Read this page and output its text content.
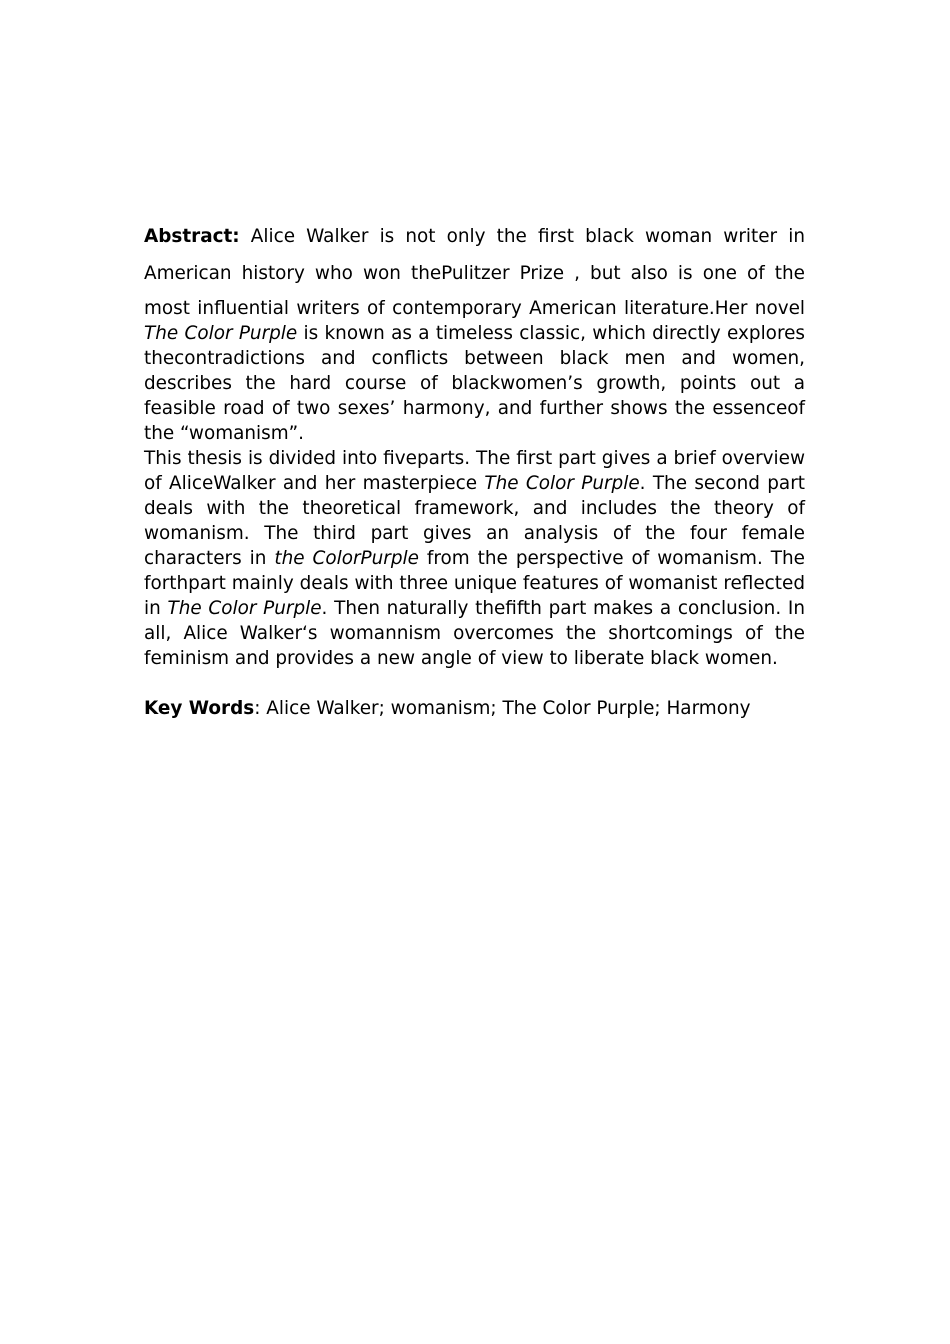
Abstract: Alice Walker is not only the first black woman writer in
American history who won thePulitzer Prize , but also is one of the

most influential writers of contemporary American literature.Her novel The Color Purple is known as a timeless classic, which directly explores thecontradictions and conflicts between black men and women, describes the hard course of blackwomen’s growth, points out a feasible road of two sexes’ harmony, and further shows the essenceof the “womanism”.

This thesis is divided into fiveparts. The first part gives a brief overview of AliceWalker and her masterpiece The Color Purple. The second part deals with the theoretical framework, and includes the theory of womanism. The third part gives an analysis of the four female characters in the ColorPurple from the perspective of womanism. The forthpart mainly deals with three unique features of womanist reflected in The Color Purple. Then naturally thefifth part makes a conclusion. In all, Alice Walker‘s womannism overcomes the shortcomings of the feminism and provides a new angle of view to liberate black women.

Key Words: Alice Walker; womanism; The Color Purple; Harmony
